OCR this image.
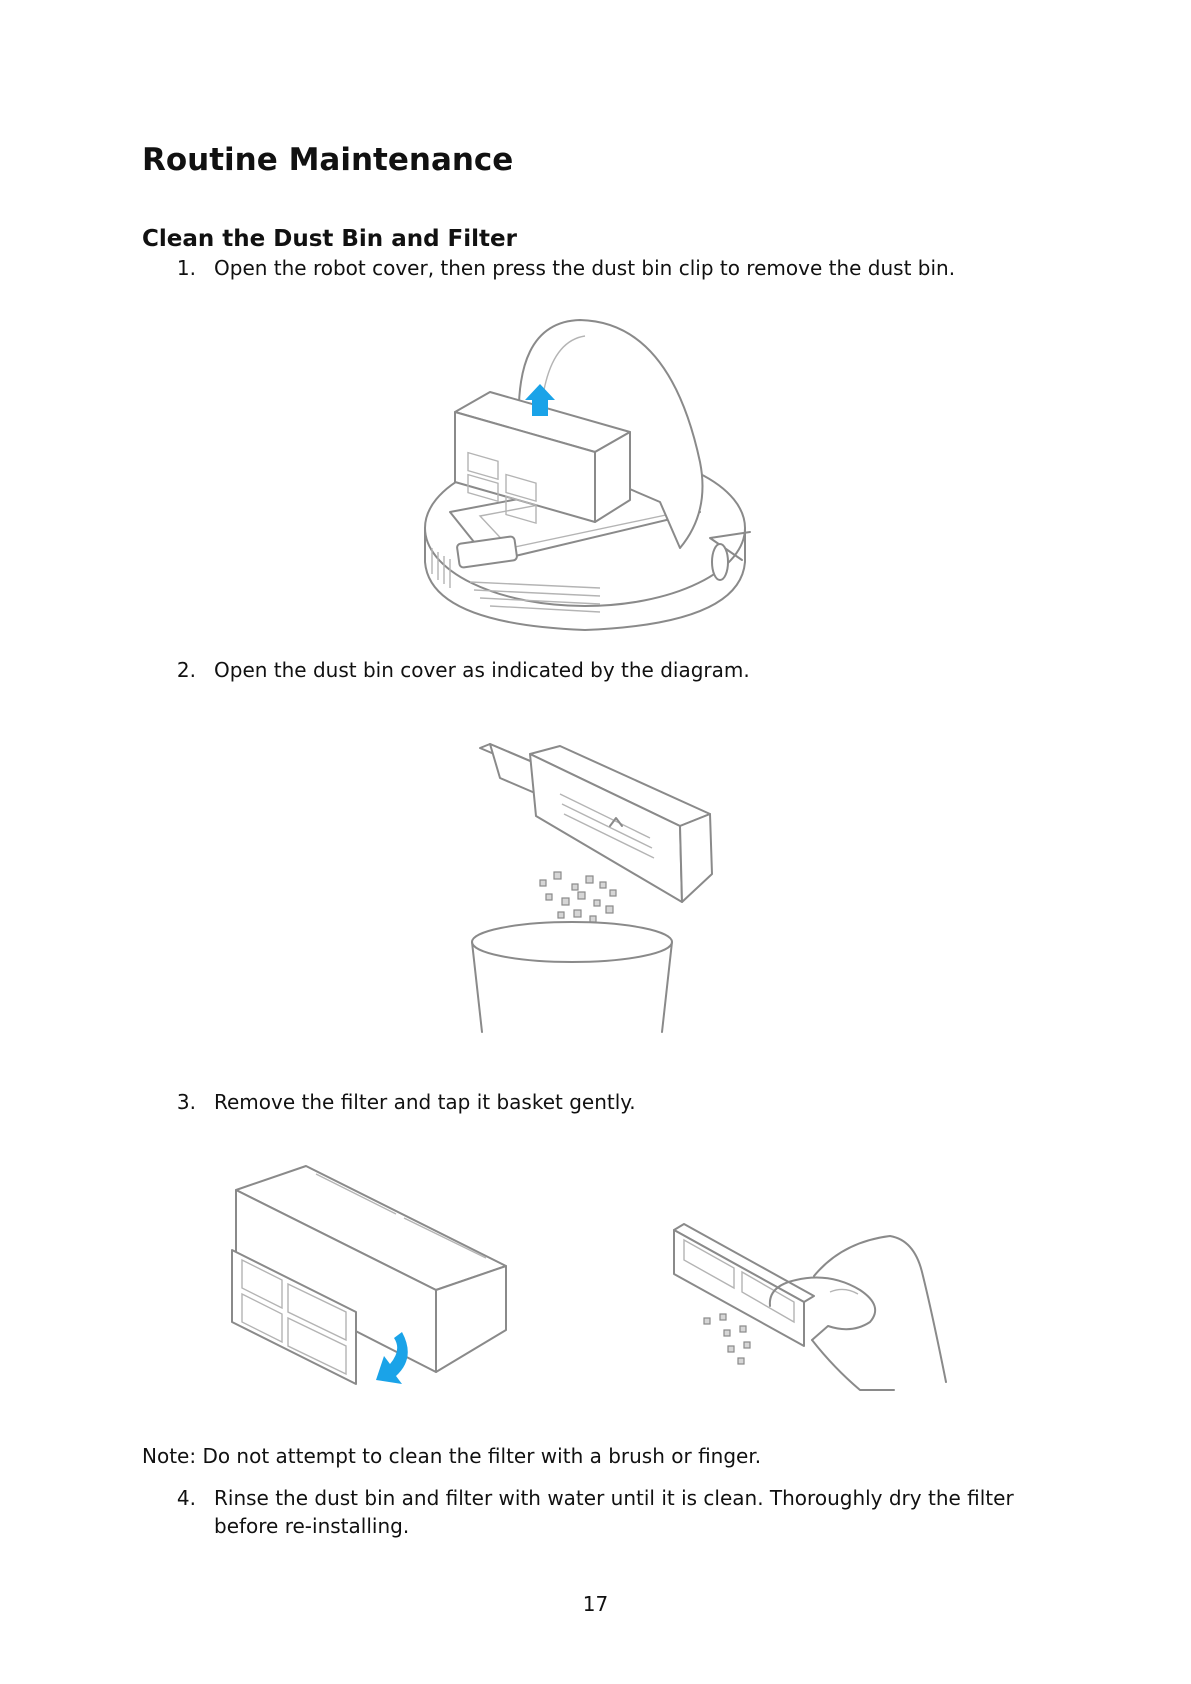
Routine Maintenance
Clean the Dust Bin and Filter
1. Open the robot cover, then press the dust bin clip to remove the dust bin.
2. Open the dust bin cover as indicated by the diagram.
3. Remove the filter and tap it basket gently.
Note: Do not attempt to clean the filter with a brush or finger.
4. Rinse the dust bin and filter with water until it is clean. Thoroughly dry the filter before re-installing.
17
